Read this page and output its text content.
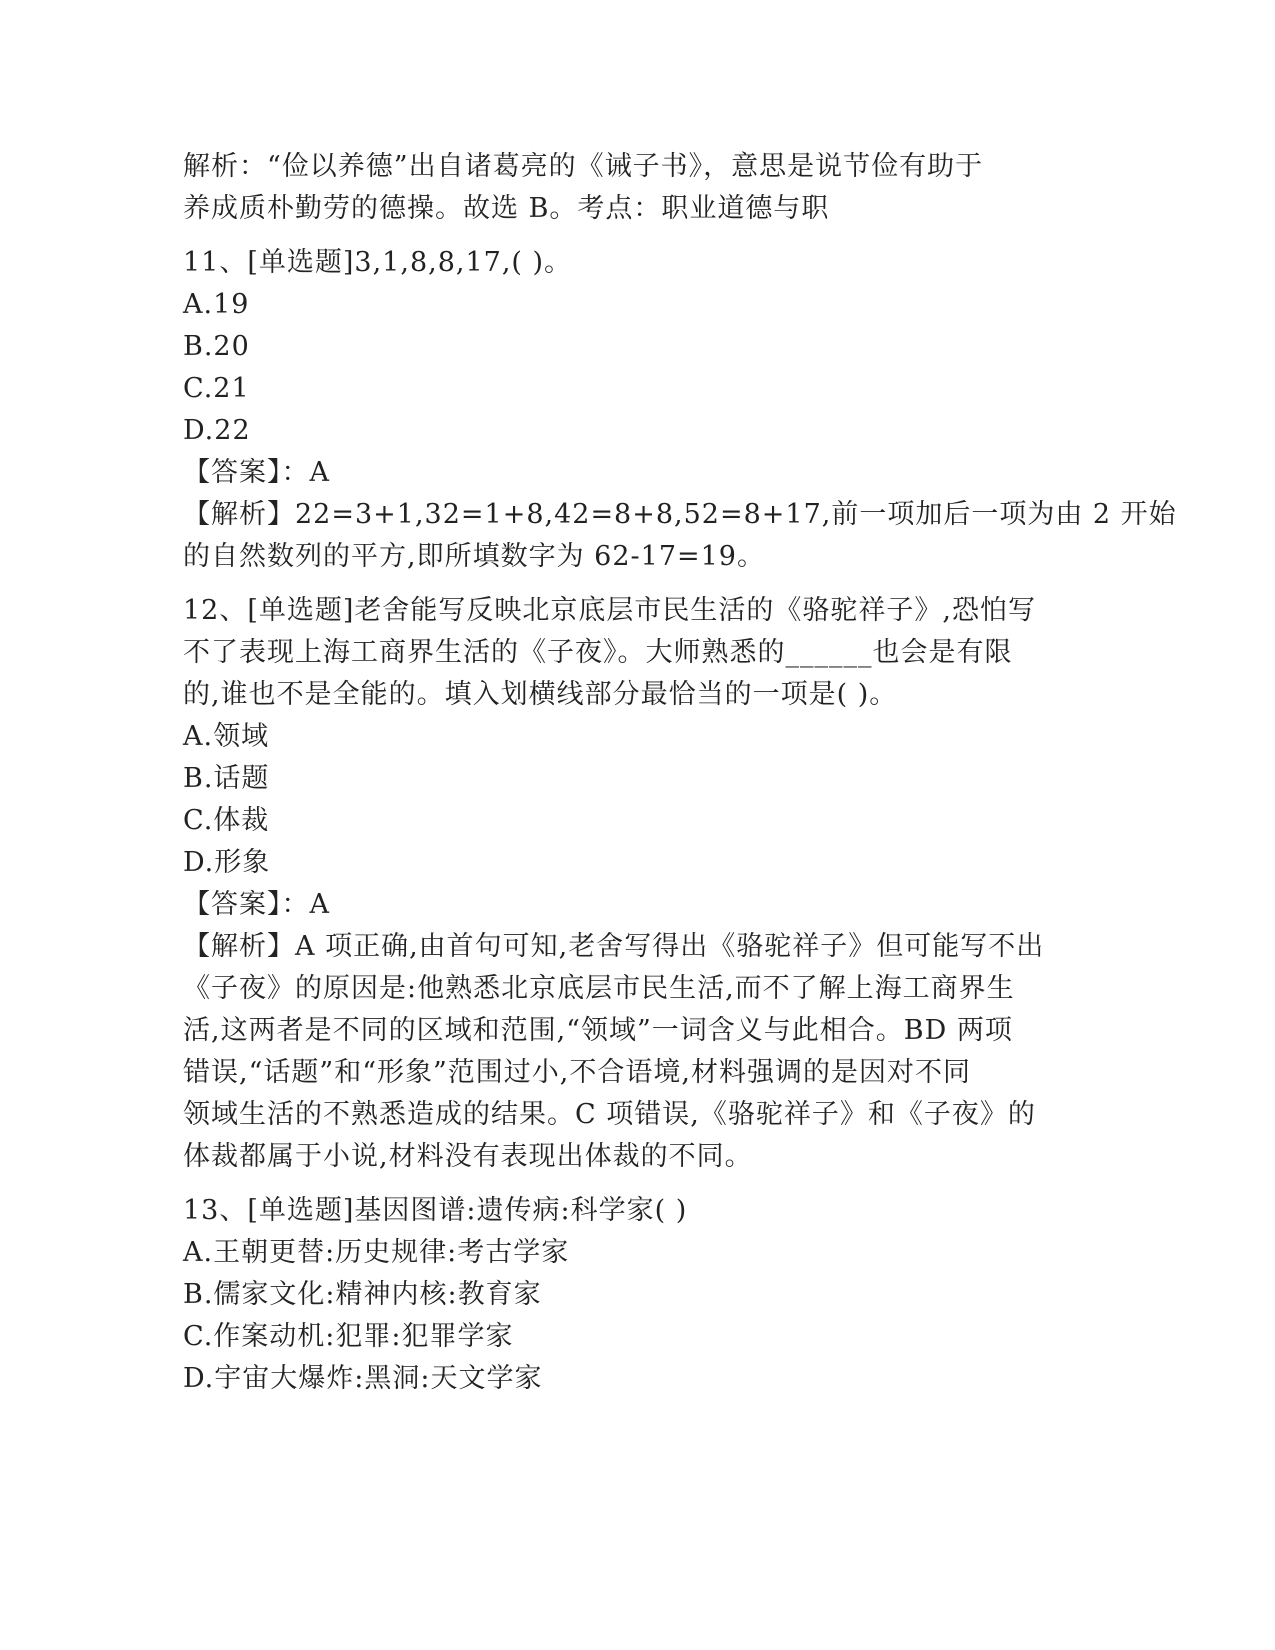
解析：“俭以养德”出自诸葛亮的《诫子书》，意思是说节俭有助于
养成质朴勤劳的德操。故选 B。考点：职业道德与职
11、[单选题]3,1,8,8,17,( )。
A.19
B.20
C.21
D.22
【答案】：A
【解析】22=3+1,32=1+8,42=8+8,52=8+17,前一项加后一项为由 2 开始
的自然数列的平方,即所填数字为 62-17=19。
12、[单选题]老舍能写反映北京底层市民生活的《骆驼祥子》,恐怕写
不了表现上海工商界生活的《子夜》。大师熟悉的______也会是有限
的,谁也不是全能的。填入划横线部分最恰当的一项是( )。
A.领域
B.话题
C.体裁
D.形象
【答案】：A
【解析】A 项正确,由首句可知,老舍写得出《骆驼祥子》但可能写不出
《子夜》的原因是:他熟悉北京底层市民生活,而不了解上海工商界生
活,这两者是不同的区域和范围,“领域”一词含义与此相合。BD 两项
错误,“话题”和“形象”范围过小,不合语境,材料强调的是因对不同
领域生活的不熟悉造成的结果。C 项错误,《骆驼祥子》和《子夜》的
体裁都属于小说,材料没有表现出体裁的不同。
13、[单选题]基因图谱:遗传病:科学家( )
A.王朝更替:历史规律:考古学家
B.儒家文化:精神内核:教育家
C.作案动机:犯罪:犯罪学家
D.宇宙大爆炸:黑洞:天文学家
